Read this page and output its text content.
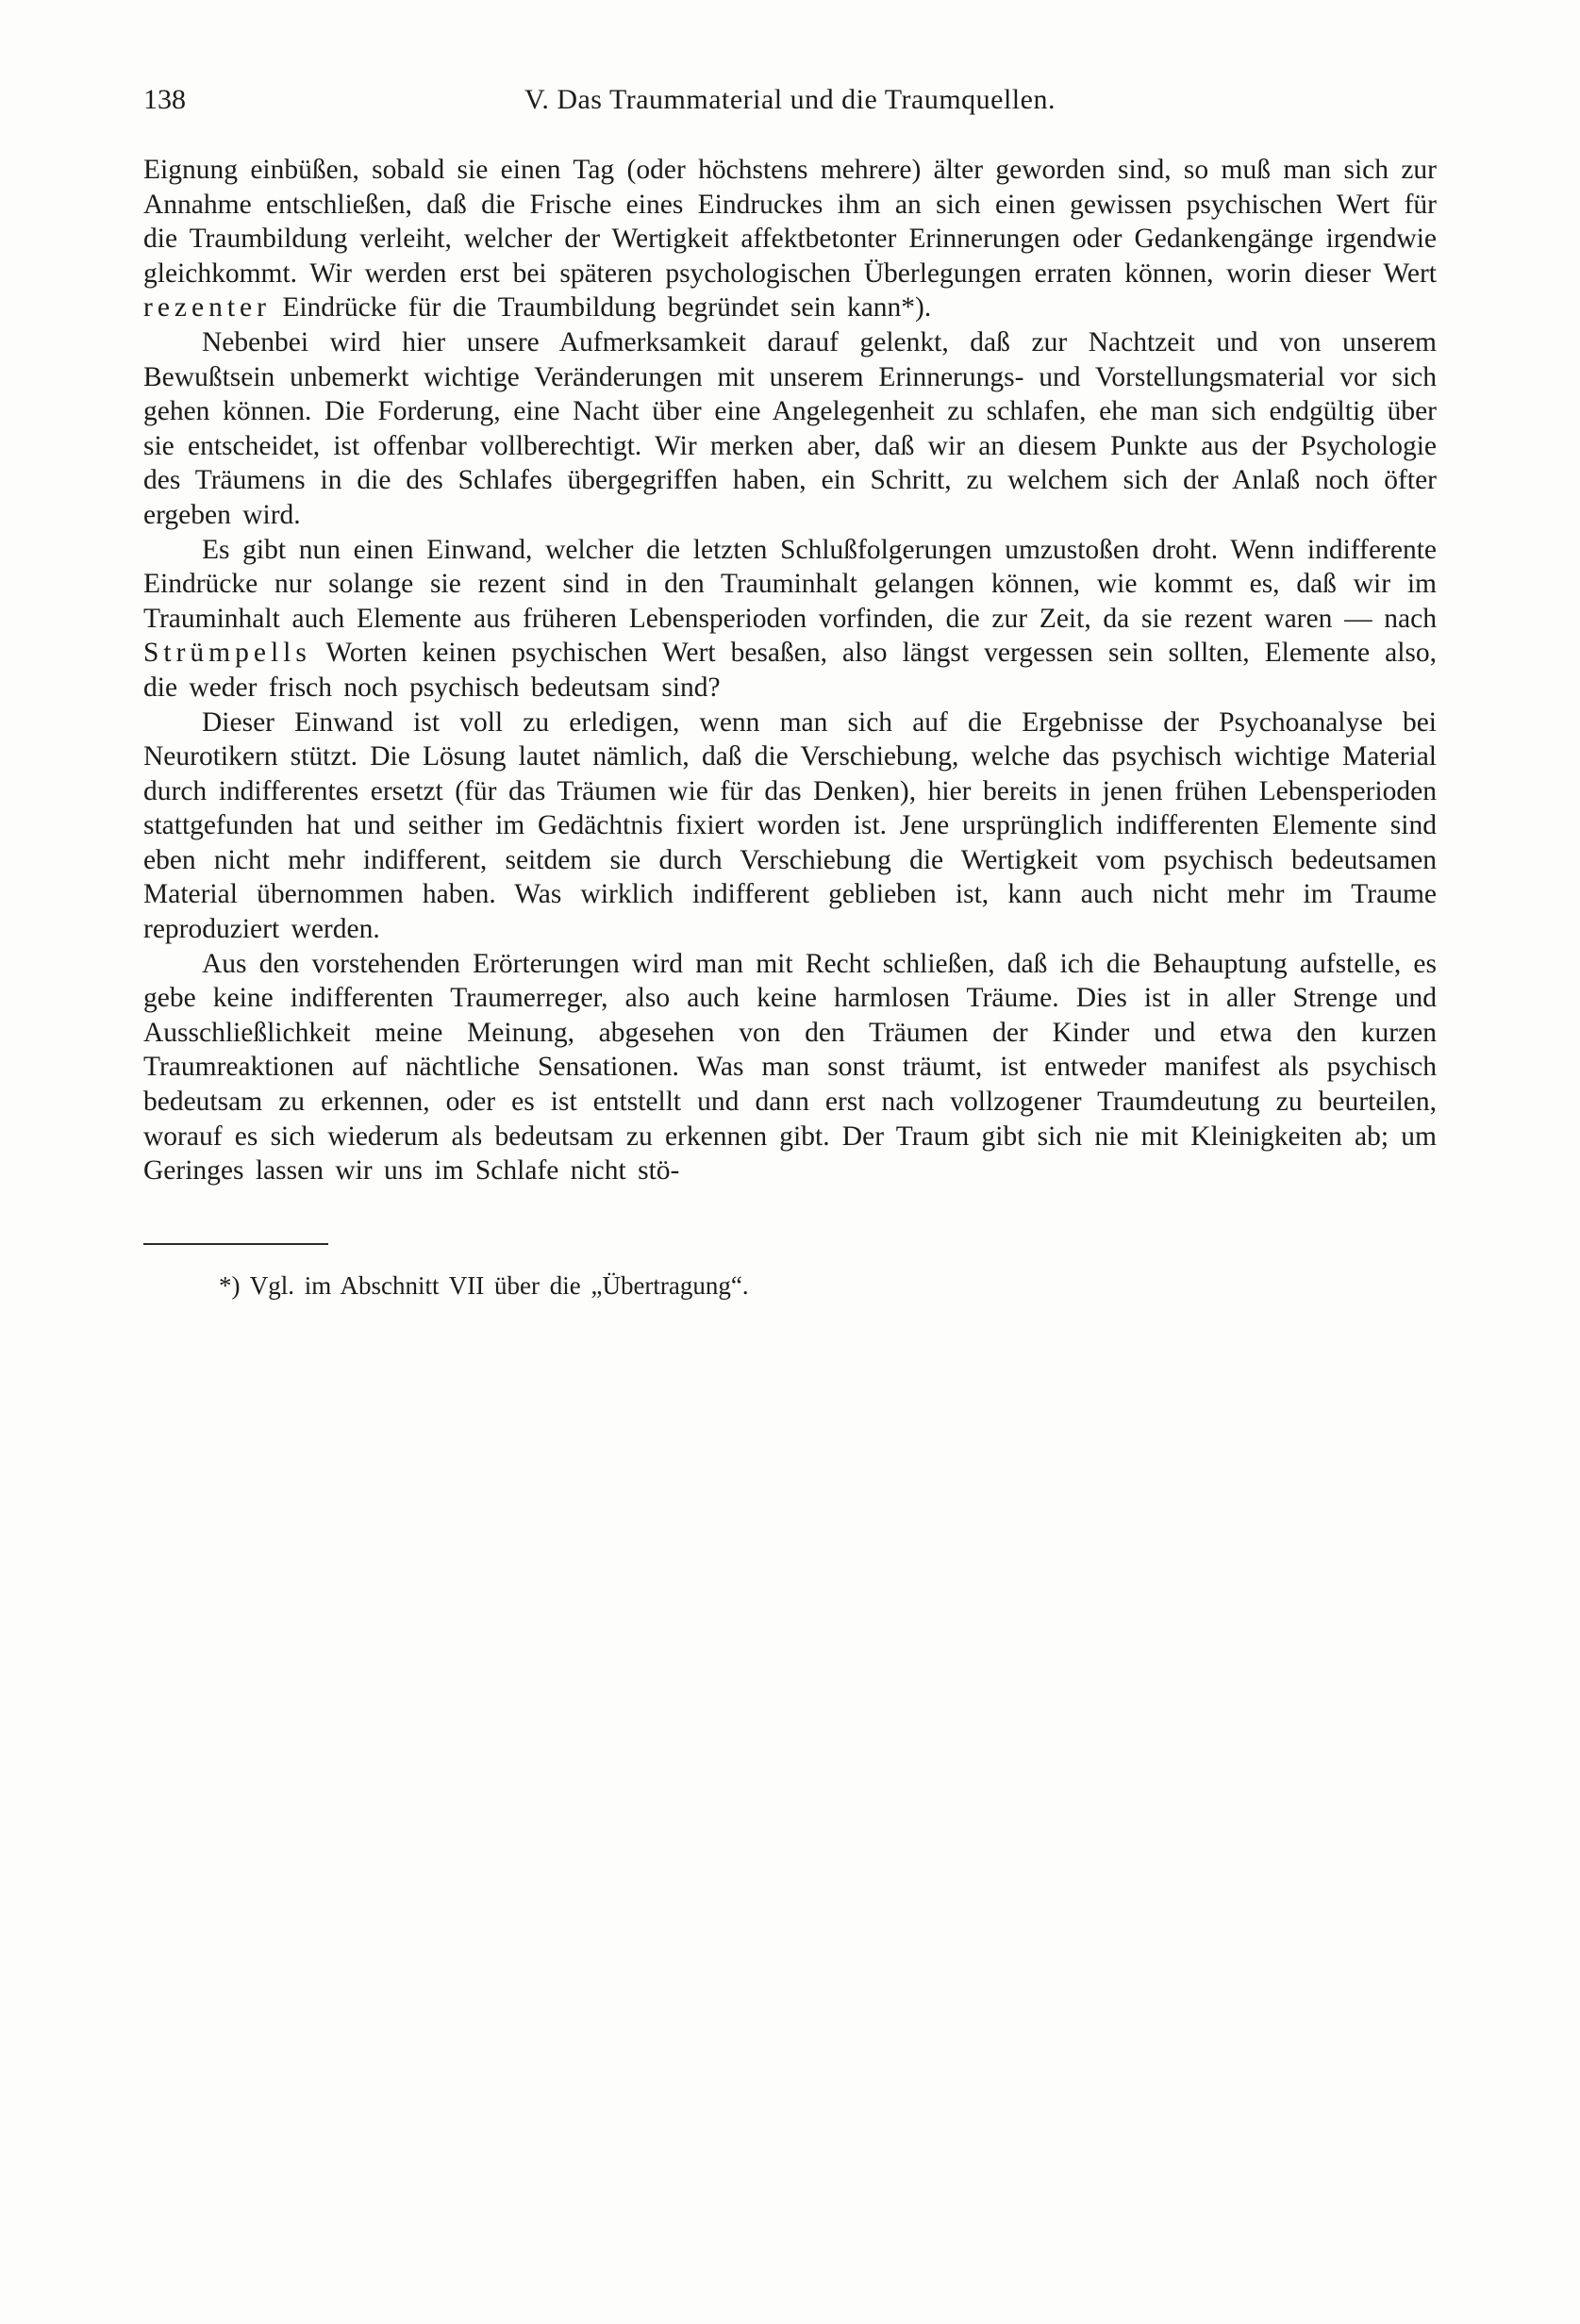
138	V. Das Traummaterial und die Traumquellen.

Eignung einbüßen, sobald sie einen Tag (oder höchstens mehrere) älter geworden sind, so muß man sich zur Annahme entschließen, daß die Frische eines Eindruckes ihm an sich einen gewissen psychischen Wert für die Traumbildung verleiht, welcher der Wertigkeit affektbetonter Erinnerungen oder Gedankengänge irgendwie gleichkommt. Wir werden erst bei späteren psychologischen Überlegungen erraten können, worin dieser Wert rezenter Eindrücke für die Traumbildung begründet sein kann*).

Nebenbei wird hier unsere Aufmerksamkeit darauf gelenkt, daß zur Nachtzeit und von unserem Bewußtsein unbemerkt wichtige Veränderungen mit unserem Erinnerungs- und Vorstellungsmaterial vor sich gehen können. Die Forderung, eine Nacht über eine Angelegenheit zu schlafen, ehe man sich endgültig über sie entscheidet, ist offenbar vollberechtigt. Wir merken aber, daß wir an diesem Punkte aus der Psychologie des Träumens in die des Schlafes übergegriffen haben, ein Schritt, zu welchem sich der Anlaß noch öfter ergeben wird.

Es gibt nun einen Einwand, welcher die letzten Schlußfolgerungen umzustoßen droht. Wenn indifferente Eindrücke nur solange sie rezent sind in den Trauminhalt gelangen können, wie kommt es, daß wir im Trauminhalt auch Elemente aus früheren Lebensperioden vorfinden, die zur Zeit, da sie rezent waren — nach Strümpells Worten keinen psychischen Wert besaßen, also längst vergessen sein sollten, Elemente also, die weder frisch noch psychisch bedeutsam sind?

Dieser Einwand ist voll zu erledigen, wenn man sich auf die Ergebnisse der Psychoanalyse bei Neurotikern stützt. Die Lösung lautet nämlich, daß die Verschiebung, welche das psychisch wichtige Material durch indifferentes ersetzt (für das Träumen wie für das Denken), hier bereits in jenen frühen Lebensperioden stattgefunden hat und seither im Gedächtnis fixiert worden ist. Jene ursprünglich indifferenten Elemente sind eben nicht mehr indifferent, seitdem sie durch Verschiebung die Wertigkeit vom psychisch bedeutsamen Material übernommen haben. Was wirklich indifferent geblieben ist, kann auch nicht mehr im Traume reproduziert werden.

Aus den vorstehenden Erörterungen wird man mit Recht schließen, daß ich die Behauptung aufstelle, es gebe keine indifferenten Traumerreger, also auch keine harmlosen Träume. Dies ist in aller Strenge und Ausschließlichkeit meine Meinung, abgesehen von den Träumen der Kinder und etwa den kurzen Traumreaktionen auf nächtliche Sensationen. Was man sonst träumt, ist entweder manifest als psychisch bedeutsam zu erkennen, oder es ist entstellt und dann erst nach vollzogener Traumdeutung zu beurteilen, worauf es sich wiederum als bedeutsam zu erkennen gibt. Der Traum gibt sich nie mit Kleinigkeiten ab; um Geringes lassen wir uns im Schlafe nicht stö-

*) Vgl. im Abschnitt VII über die „Übertragung“.
